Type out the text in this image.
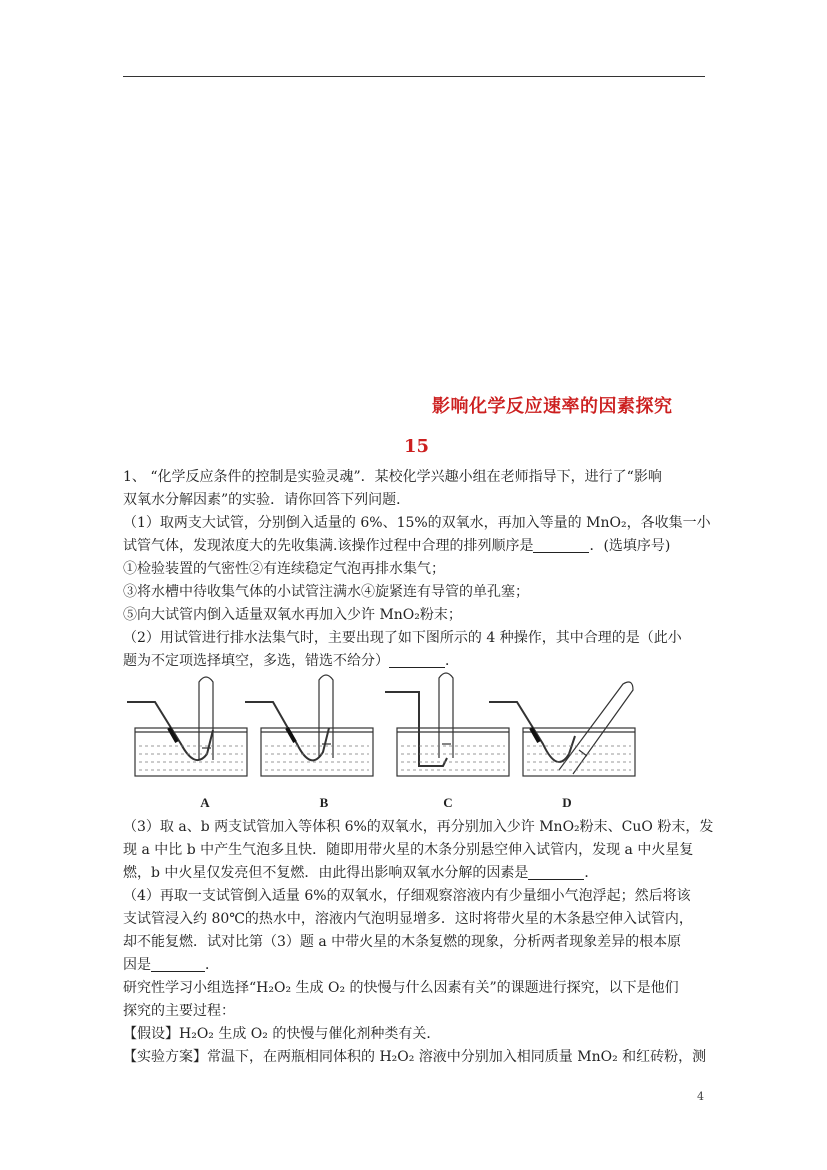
影响化学反应速率的因素探究
15
1、 “化学反应条件的控制是实验灵魂”．某校化学兴趣小组在老师指导下，进行了“影响
双氧水分解因素”的实验．请你回答下列问题．
（1）取两支大试管，分别倒入适量的 6%、15%的双氧水，再加入等量的 MnO₂，各收集一小
试管气体，发现浓度大的先收集满.该操作过程中合理的排列顺序是	．(选填序号)
①检验装置的气密性②有连续稳定气泡再排水集气；
③将水槽中待收集气体的小试管注满水④旋紧连有导管的单孔塞；
⑤向大试管内倒入适量双氧水再加入少许 MnO₂粉末；
（2）用试管进行排水法集气时，主要出现了如下图所示的 4 种操作，其中合理的是（此小
题为不定项选择填空，多选，错选不给分）	．
A	B	C	D
（3）取 a、b 两支试管加入等体积 6%的双氧水，再分别加入少许 MnO₂粉末、CuO 粉末，发
现 a 中比 b 中产生气泡多且快．随即用带火星的木条分别悬空伸入试管内，发现 a 中火星复
燃，b 中火星仅发亮但不复燃．由此得出影响双氧水分解的因素是	．
（4）再取一支试管倒入适量 6%的双氧水，仔细观察溶液内有少量细小气泡浮起；然后将该
支试管浸入约 80℃的热水中，溶液内气泡明显增多．这时将带火星的木条悬空伸入试管内，
却不能复燃．试对比第（3）题 a 中带火星的木条复燃的现象，分析两者现象差异的根本原
因是	．
研究性学习小组选择“H₂O₂ 生成 O₂ 的快慢与什么因素有关”的课题进行探究，以下是他们
探究的主要过程：
【假设】H₂O₂ 生成 O₂ 的快慢与催化剂种类有关．
【实验方案】常温下，在两瓶相同体积的 H₂O₂ 溶液中分别加入相同质量 MnO₂ 和红砖粉，测
4
